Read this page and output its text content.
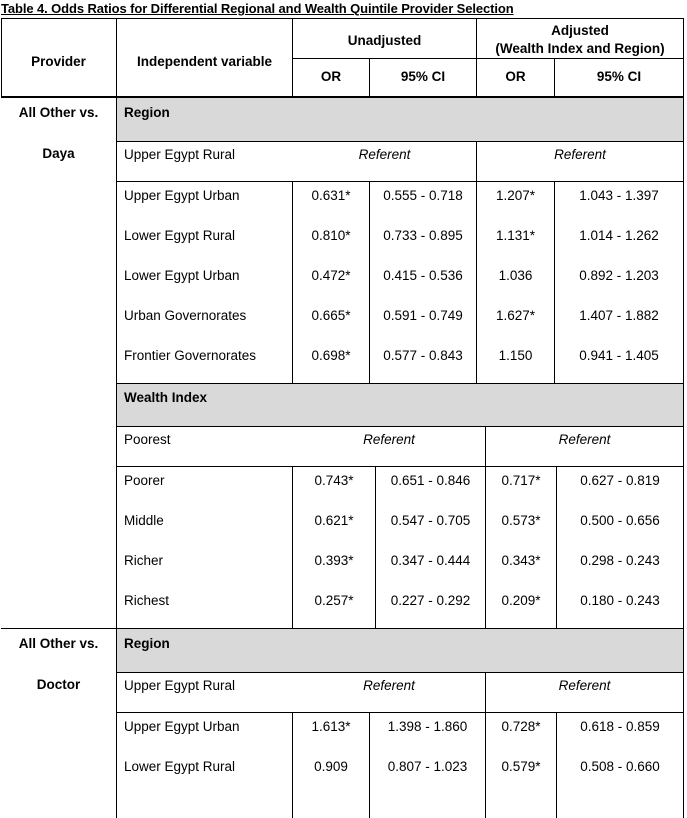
Table 4. Odds Ratios for Differential Regional and Wealth Quintile Provider Selection
Provider	Independent variable
Unadjusted
Adjusted
(Wealth Index and Region)
OR	95% CI	OR	95% CI
All Other vs.
Daya
Region
Upper Egypt Rural	Referent	Referent
Upper Egypt Urban	0.631*	0.555 - 0.718	1.207*	1.043 - 1.397
Lower Egypt Rural	0.810*	0.733 - 0.895	1.131*	1.014 - 1.262
Lower Egypt Urban	0.472*	0.415 - 0.536	1.036	0.892 - 1.203
Urban Governorates	0.665*	0.591 - 0.749	1.627*	1.407 - 1.882
Frontier Governorates	0.698*	0.577 - 0.843	1.150	0.941 - 1.405
Wealth Index
Poorest	Referent	Referent
Poorer	0.743*	0.651 - 0.846	0.717*	0.627 - 0.819
Middle	0.621*	0.547 - 0.705	0.573*	0.500 - 0.656
Richer	0.393*	0.347 - 0.444	0.343*	0.298 - 0.243
Richest	0.257*	0.227 - 0.292	0.209*	0.180 - 0.243
All Other vs.
Doctor
Region
Upper Egypt Rural	Referent	Referent
Upper Egypt Urban	1.613*	1.398 - 1.860	0.728*	0.618 - 0.859
Lower Egypt Rural	0.909	0.807 - 1.023	0.579*	0.508 - 0.660
